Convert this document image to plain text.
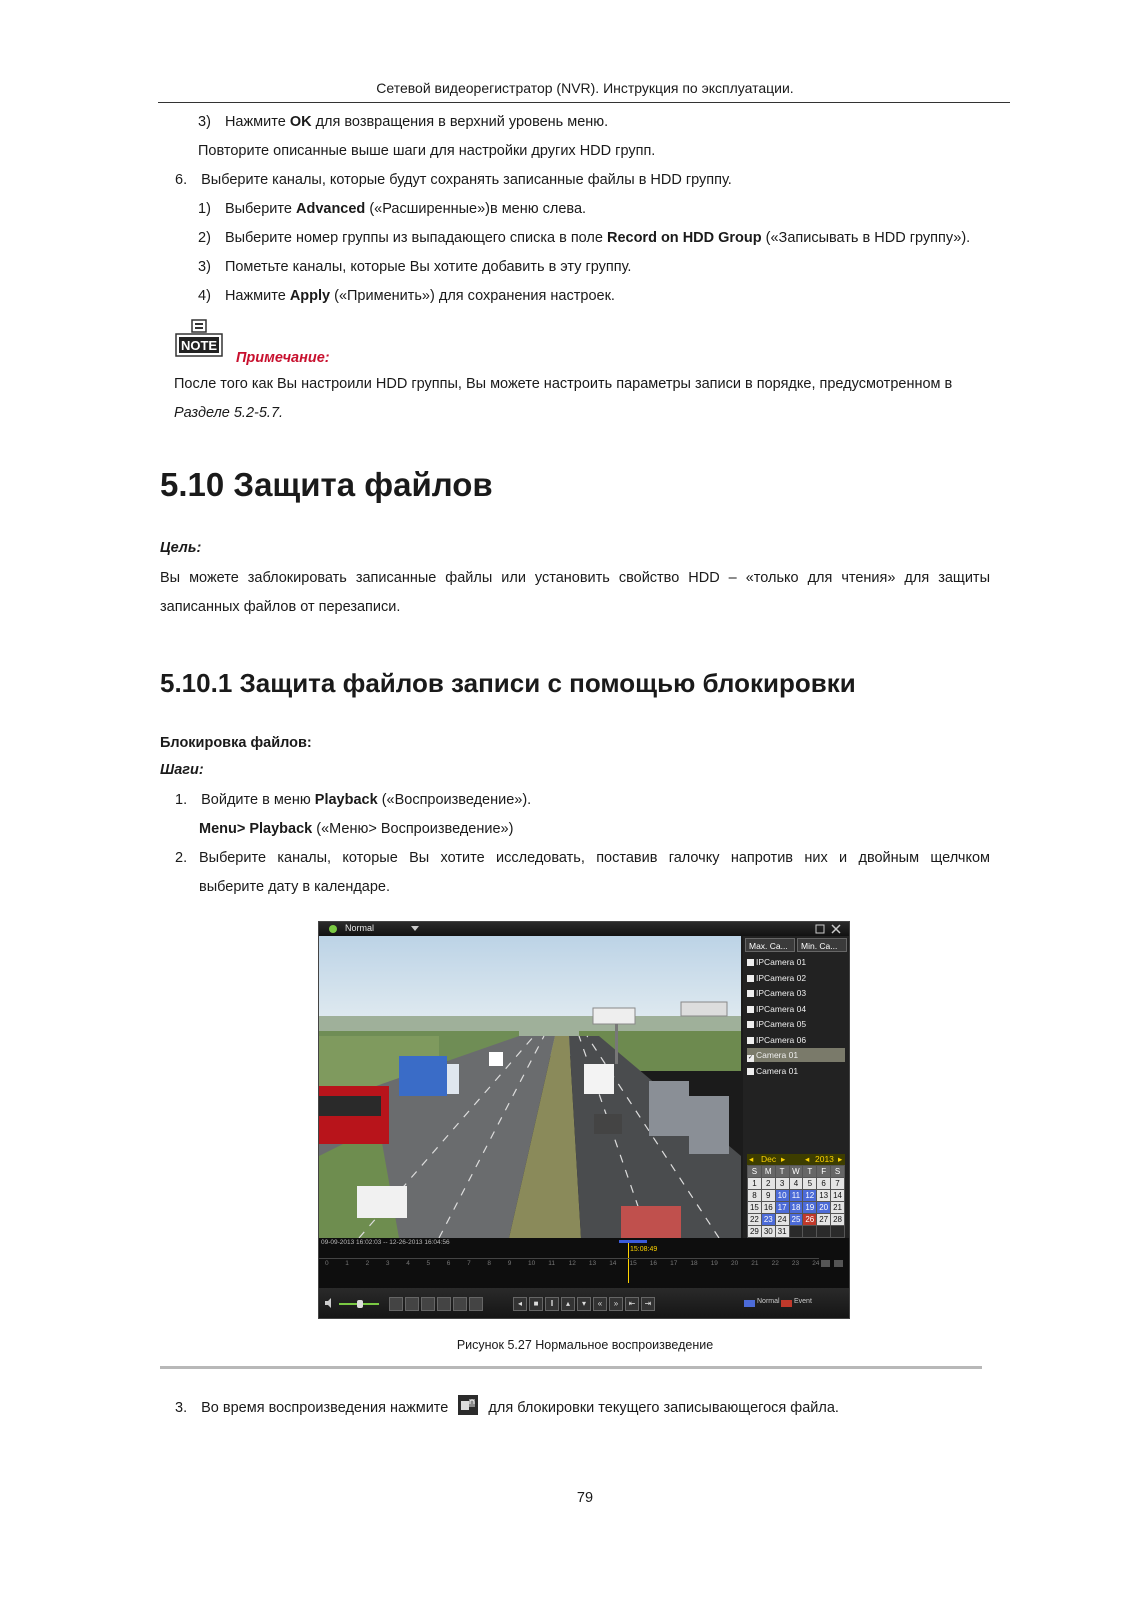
Сетевой видеорегистратор (NVR). Инструкция по эксплуатации.
3) Нажмите OK для возвращения в верхний уровень меню.
Повторите описанные выше шаги для настройки других HDD групп.
6. Выберите каналы, которые будут сохранять записанные файлы в HDD группу.
1) Выберите Advanced («Расширенные»)в меню слева.
2) Выберите номер группы из выпадающего списка в поле Record on HDD Group («Записывать в HDD группу»).
3) Пометьте каналы, которые Вы хотите добавить в эту группу.
4) Нажмите Apply («Применить») для сохранения настроек.
NOTE
Примечание:
После того как Вы настроили HDD группы, Вы можете настроить параметры записи в порядке, предусмотренном в
Разделе 5.2-5.7.
5.10 Защита файлов
Цель:
Вы можете заблокировать записанные файлы или установить свойство HDD – «только для чтения» для защиты
записанных файлов от перезаписи.
5.10.1 Защита файлов записи с помощью блокировки
Блокировка файлов:
Шаги:
1. Войдите в меню Playback («Воспроизведение»).
Menu> Playback («Меню> Воспроизведение»)
2. Выберите каналы, которые Вы хотите исследовать, поставив галочку напротив них и двойным щелчком
выберите дату в календаре.
Normal
Max. Ca...	Min. Ca...
IPCamera 01
IPCamera 02
IPCamera 03
IPCamera 04
IPCamera 05
IPCamera 06
✓ Camera 01
Camera 01
◂ Dec ▸ ◂ 2013 ▸
S	M	T	W	T	F	S
1	2	3	4	5	6	7
8	9	10	11	12	13	14
15	16	17	18	19	20	21
22	23	24	25	26	27	28
29	30	31				
09-09-2013 16:02:03 -- 12-26-2013 16:04:56
15:08:49
0	1	2	3	4	5	6	7	8	9	10 11 12 13 14 15 16 17 18 19 20 21 22 23 24
◂	■	‖	▴	▾	«	»	⇤	⇥	Normal Event
Рисунок 5.27 Нормальное воспроизведение
3. Во время воспроизведения нажмите	для блокировки текущего записывающегося файла.
79
